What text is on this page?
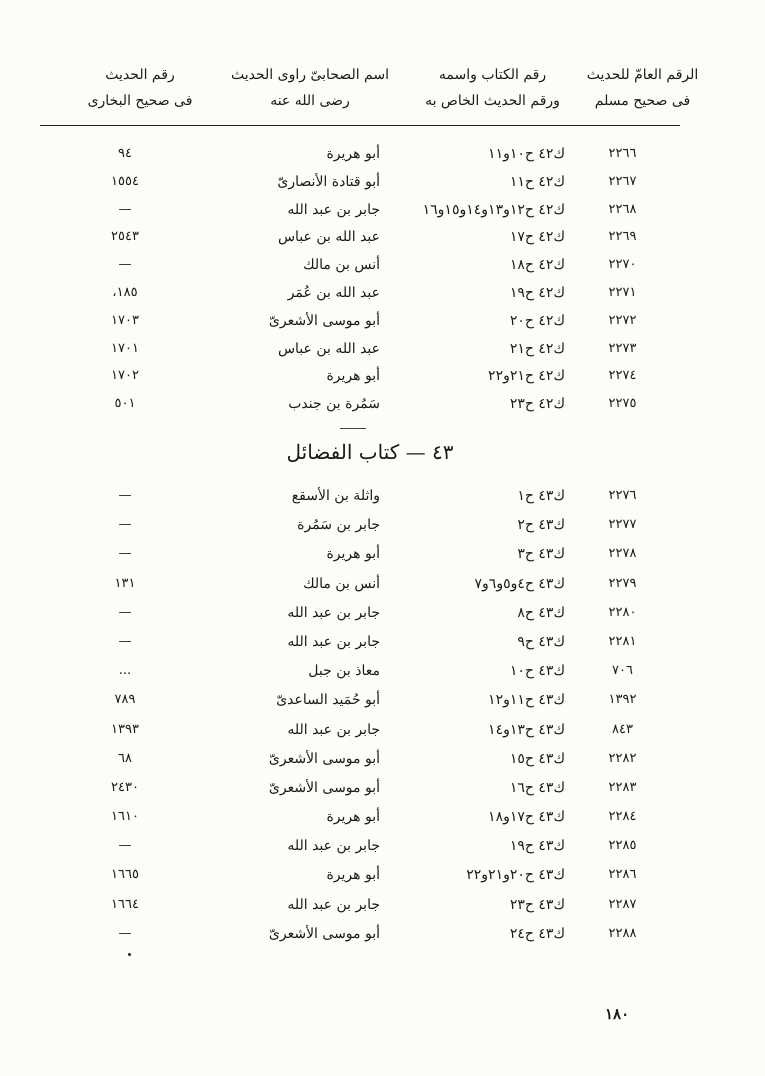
الرقم العامّ للحديث
فى صحيح مسلم
رقم الكتاب واسمه
ورقم الحديث الخاص به
اسم الصحابىّ راوى الحديث
رضى الله عنه
رقم الحديث
فى صحيح البخارى
٢٢٦٦
ك٤٢ ح١٠و١١
أبو هريرة
٩٤
٢٢٦٧
ك٤٢ ح١١
أبو قتادة الأنصارىّ
١٥٥٤
٢٢٦٨
ك٤٢ ح١٢و١٣و١٤و١٥و١٦
جابر بن عبد الله
—
٢٢٦٩
ك٤٢ ح١٧
عبد الله بن عباس
٢٥٤٣
٢٢٧٠
ك٤٢ ح١٨
أنس بن مالك
—
٢٢٧١
ك٤٢ ح١٩
عبد الله بن عُمَر
١٨٥،
٢٢٧٢
ك٤٢ ح٢٠
أبو موسى الأشعرىّ
١٧٠٣
٢٢٧٣
ك٤٢ ح٢١
عبد الله بن عباس
١٧٠١
٢٢٧٤
ك٤٢ ح٢١و٢٢
أبو هريرة
١٧٠٢
٢٢٧٥
ك٤٢ ح٢٣
سَمُرة بن جندب
٥٠١
٤٣ — كتاب الفضائل
٢٢٧٦
ك٤٣ ح١
واثلة بن الأسقع
—
٢٢٧٧
ك٤٣ ح٢
جابر بن سَمُرة
—
٢٢٧٨
ك٤٣ ح٣
أبو هريرة
—
٢٢٧٩
ك٤٣ ح٤و٥و٦و٧
أنس بن مالك
١٣١
٢٢٨٠
ك٤٣ ح٨
جابر بن عبد الله
—
٢٢٨١
ك٤٣ ح٩
جابر بن عبد الله
—
٧٠٦
ك٤٣ ح١٠
معاذ بن جبل
...
١٣٩٢
ك٤٣ ح١١و١٢
أبو حُمَيد الساعدىّ
٧٨٩
٨٤٣
ك٤٣ ح١٣و١٤
جابر بن عبد الله
١٣٩٣
٢٢٨٢
ك٤٣ ح١٥
أبو موسى الأشعرىّ
٦٨
٢٢٨٣
ك٤٣ ح١٦
أبو موسى الأشعرىّ
٢٤٣٠
٢٢٨٤
ك٤٣ ح١٧و١٨
أبو هريرة
١٦١٠
٢٢٨٥
ك٤٣ ح١٩
جابر بن عبد الله
—
٢٢٨٦
ك٤٣ ح٢٠و٢١و٢٢
أبو هريرة
١٦٦٥
٢٢٨٧
ك٤٣ ح٢٣
جابر بن عبد الله
١٦٦٤
٢٢٨٨
ك٤٣ ح٢٤
أبو موسى الأشعرىّ
—
١٨٠
